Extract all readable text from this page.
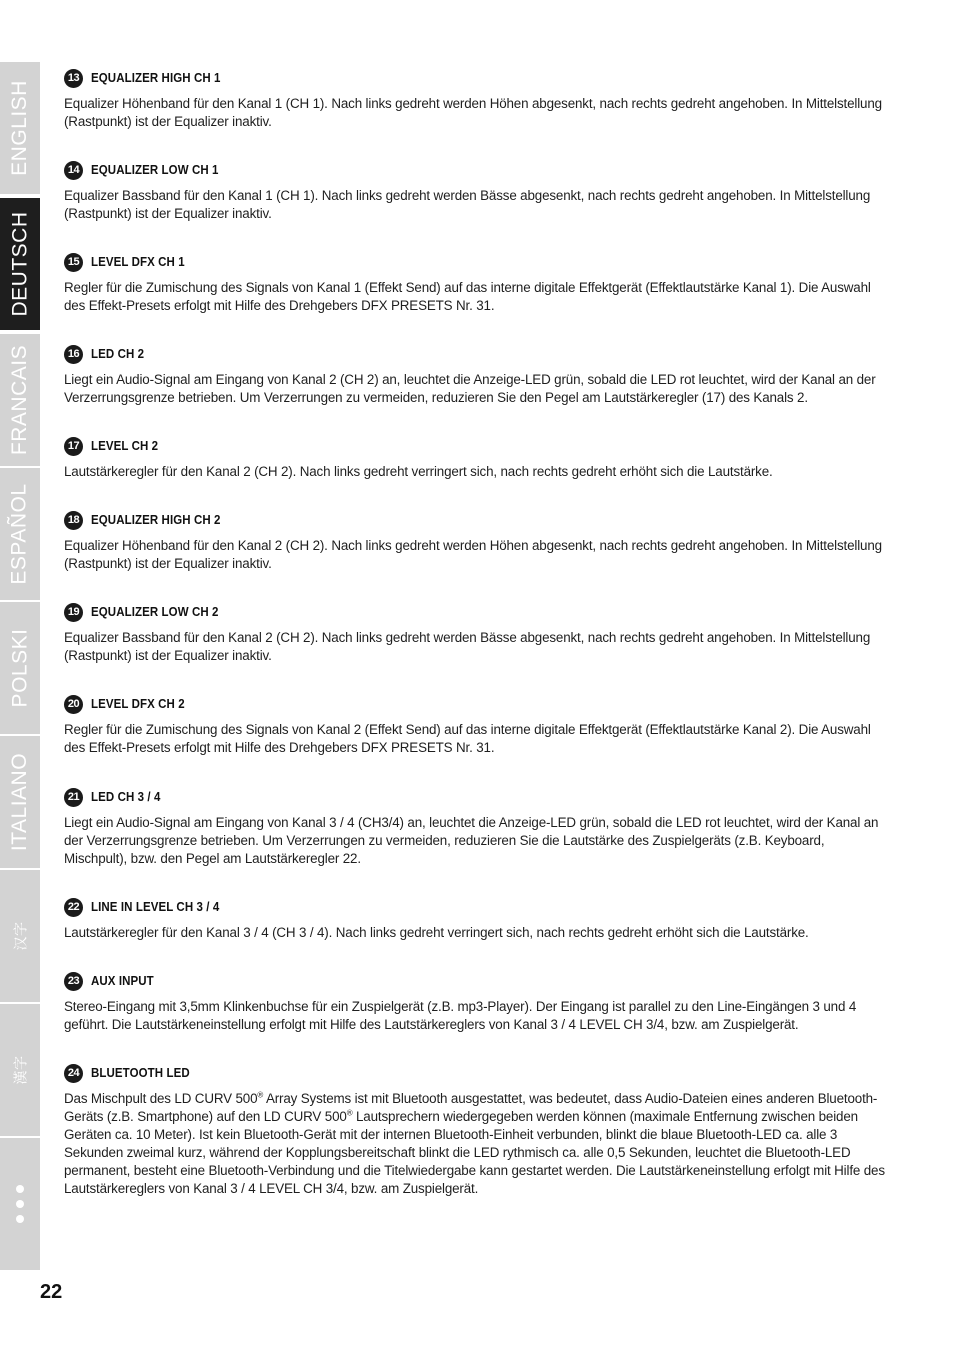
ENGLISH
DEUTSCH
FRANCAIS
ESPAÑOL
POLSKI
ITALIANO
汉字
漢字
13 EQUALIZER HIGH CH 1
Equalizer Höhenband für den Kanal 1 (CH 1). Nach links gedreht werden Höhen abgesenkt, nach rechts gedreht angehoben. In Mittelstellung (Rastpunkt) ist der Equalizer inaktiv.
14 EQUALIZER LOW CH 1
Equalizer Bassband für den Kanal 1 (CH 1). Nach links gedreht werden Bässe abgesenkt, nach rechts gedreht angehoben. In Mittelstellung (Rastpunkt) ist der Equalizer inaktiv.
15 LEVEL DFX CH 1
Regler für die Zumischung des Signals von Kanal 1 (Effekt Send) auf das interne digitale Effektgerät (Effektlautstärke Kanal 1). Die Auswahl des Effekt-Presets erfolgt mit Hilfe des Drehgebers DFX PRESETS Nr. 31.
16 LED CH 2
Liegt ein Audio-Signal am Eingang von Kanal 2 (CH 2) an, leuchtet die Anzeige-LED grün, sobald die LED rot leuchtet, wird der Kanal an der Verzerrungsgrenze betrieben. Um Verzerrungen zu vermeiden, reduzieren Sie den Pegel am Lautstärkeregler (17) des Kanals 2.
17 LEVEL CH 2
Lautstärkeregler für den Kanal 2 (CH 2). Nach links gedreht verringert sich, nach rechts gedreht erhöht sich die Lautstärke.
18 EQUALIZER HIGH CH 2
Equalizer Höhenband für den Kanal 2 (CH 2). Nach links gedreht werden Höhen abgesenkt, nach rechts gedreht angehoben. In Mittelstellung (Rastpunkt) ist der Equalizer inaktiv.
19 EQUALIZER LOW CH 2
Equalizer Bassband für den Kanal 2 (CH 2). Nach links gedreht werden Bässe abgesenkt, nach rechts gedreht angehoben. In Mittelstellung (Rastpunkt) ist der Equalizer inaktiv.
20 LEVEL DFX CH 2
Regler für die Zumischung des Signals von Kanal 2 (Effekt Send) auf das interne digitale Effektgerät (Effektlautstärke Kanal 2). Die Auswahl des Effekt-Presets erfolgt mit Hilfe des Drehgebers DFX PRESETS Nr. 31.
21 LED CH 3 / 4
Liegt ein Audio-Signal am Eingang von Kanal 3 / 4 (CH3/4) an, leuchtet die Anzeige-LED grün, sobald die LED rot leuchtet, wird der Kanal an der Verzerrungsgrenze betrieben. Um Verzerrungen zu vermeiden, reduzieren Sie die Lautstärke des Zuspielgeräts (z.B. Keyboard, Mischpult), bzw. den Pegel am Lautstärkeregler 22.
22 LINE IN LEVEL CH 3 / 4
Lautstärkeregler für den Kanal 3 / 4 (CH 3 / 4). Nach links gedreht verringert sich, nach rechts gedreht erhöht sich die Lautstärke.
23 AUX INPUT
Stereo-Eingang mit 3,5mm Klinkenbuchse für ein Zuspielgerät (z.B. mp3-Player). Der Eingang ist parallel zu den Line-Eingängen 3 und 4 geführt. Die Lautstärkeneinstellung erfolgt mit Hilfe des Lautstärkereglers von Kanal 3 / 4 LEVEL CH 3/4, bzw. am Zuspielgerät.
24 BLUETOOTH LED
Das Mischpult des LD CURV 500® Array Systems ist mit Bluetooth ausgestattet, was bedeutet, dass Audio-Dateien eines anderen Bluetooth-Geräts (z.B. Smartphone) auf den LD CURV 500® Lautsprechern wiedergegeben werden können (maximale Entfernung zwischen beiden Geräten ca. 10 Meter). Ist kein Bluetooth-Gerät mit der internen Bluetooth-Einheit verbunden, blinkt die blaue Bluetooth-LED ca. alle 3 Sekunden zweimal kurz, während der Kopplungsbereitschaft blinkt die LED rythmisch ca. alle 0,5 Sekunden, leuchtet die Bluetooth-LED permanent, besteht eine Bluetooth-Verbindung und die Titelwiedergabe kann gestartet werden. Die Lautstärkeneinstellung erfolgt mit Hilfe des Lautstärkereglers von Kanal 3 / 4 LEVEL CH 3/4, bzw. am Zuspielgerät.
22
